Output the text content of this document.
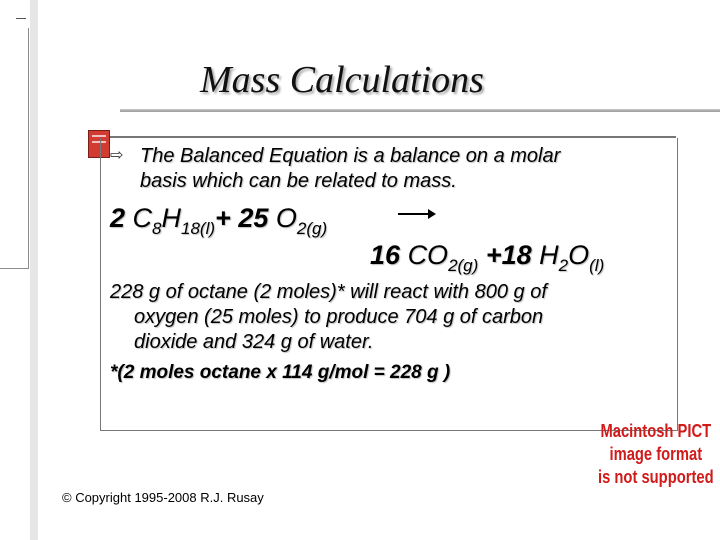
Mass Calculations
⇨ The Balanced Equation is a balance on a molar
basis which can be related to mass.
2 $C_8H_{18(l)}+ 25$ $O_{2(g)}$
16 $CO_{2(g)} +18$ $H_2O_{(l)}$
228 g of octane (2 moles)* will react with 800 g of
oxygen (25 moles) to produce 704 g of carbon
dioxide and 324 g of water.
*(2 moles octane x 114 g/mol = 228 g )
Macintosh PICT
image format
is not supported
© Copyright 1995-2008 R.J. Rusay
